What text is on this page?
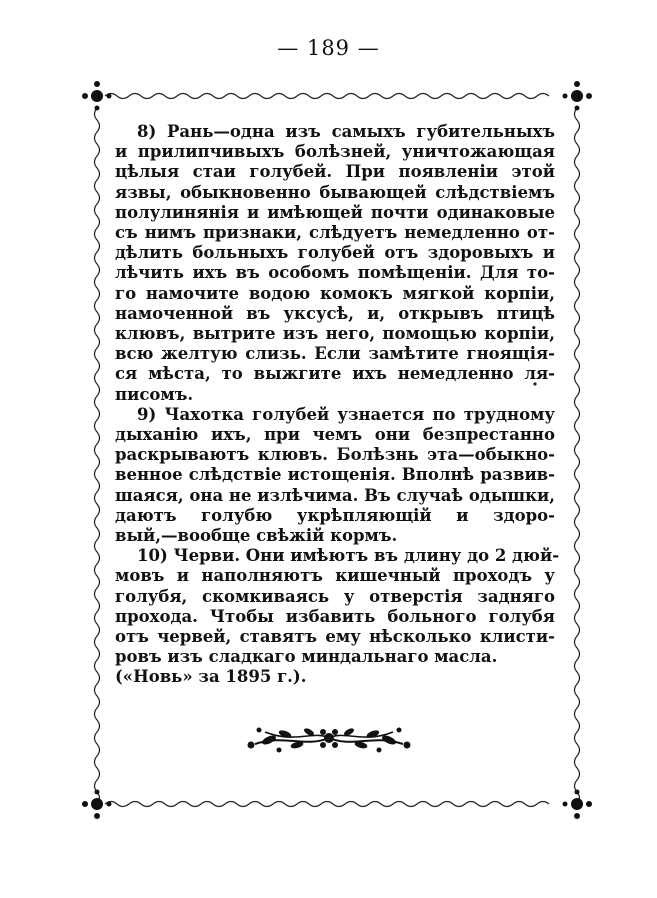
— 189 —
8) Рань—одна изъ самыхъ губительныхъ
и прилипчивыхъ болѣзней, уничтожающая
цѣлыя стаи голубей. При появленіи этой
язвы, обыкновенно бывающей слѣдствіемъ
полулинянія и имѣющей почти одинаковые
съ нимъ признаки, слѣдуетъ немедленно от-
дѣлить больныхъ голубей отъ здоровыхъ и
лѣчить ихъ въ особомъ помѣщеніи. Для то-
го намочите водою комокъ мягкой корпіи,
намоченной въ уксусѣ, и, открывъ птицѣ
клювъ, вытрите изъ него, помощью корпіи,
всю желтую слизь. Если замѣтите гноящія-
ся мѣста, то выжгите ихъ немедленно ля-
писомъ.
9) Чахотка голубей узнается по трудному
дыханію ихъ, при чемъ они безпрестанно
раскрываютъ клювъ. Болѣзнь эта—обыкно-
венное слѣдствіе истощенія. Вполнѣ развив-
шаяся, она не излѣчима. Въ случаѣ одышки,
даютъ голубю укрѣпляющій и здоро-
вый,—вообще свѣжій кормъ.
10) Черви. Они имѣютъ въ длину до 2 дюй-
мовъ и наполняютъ кишечный проходъ у
голубя, скомкиваясь у отверстія задняго
прохода. Чтобы избавить больного голубя
отъ червей, ставятъ ему нѣсколько клисти-
ровъ изъ сладкаго миндальнаго масла.
(«Новь» за 1895 г.).
